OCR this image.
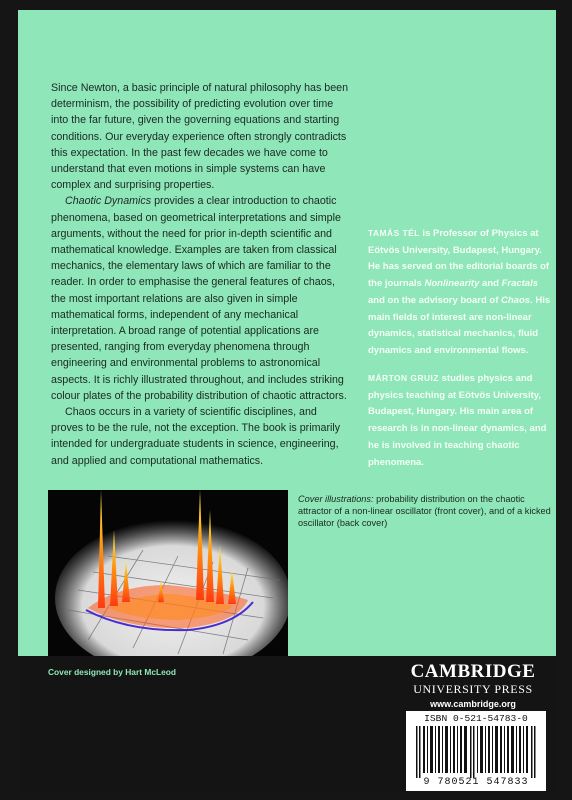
Since Newton, a basic principle of natural philosophy has been determinism, the possibility of predicting evolution over time into the far future, given the governing equations and starting conditions. Our everyday experience often strongly contradicts this expectation. In the past few decades we have come to understand that even motions in simple systems can have complex and surprising properties.

Chaotic Dynamics provides a clear introduction to chaotic phenomena, based on geometrical interpretations and simple arguments, without the need for prior in-depth scientific and mathematical knowledge. Examples are taken from classical mechanics, the elementary laws of which are familiar to the reader. In order to emphasise the general features of chaos, the most important relations are also given in simple mathematical forms, independent of any mechanical interpretation. A broad range of potential applications are presented, ranging from everyday phenomena through engineering and environmental problems to astronomical aspects. It is richly illustrated throughout, and includes striking colour plates of the probability distribution of chaotic attractors.

Chaos occurs in a variety of scientific disciplines, and proves to be the rule, not the exception. The book is primarily intended for undergraduate students in science, engineering, and applied and computational mathematics.

TAMÁS TÉL is Professor of Physics at Eötvös University, Budapest, Hungary. He has served on the editorial boards of the journals Nonlinearity and Fractals and on the advisory board of Chaos. His main fields of interest are non-linear dynamics, statistical mechanics, fluid dynamics and environmental flows.
MÁRTON GRUIZ studies physics and physics teaching at Eötvös University, Budapest, Hungary. His main area of research is in non-linear dynamics, and he is involved in teaching chaotic phenomena.
Cover illustrations: probability distribution on the chaotic attractor of a non-linear oscillator (front cover), and of a kicked oscillator (back cover)
Cover designed by Hart McLeod	CAMBRIDGE
UNIVERSITY PRESS
www.cambridge.org
ISBN 0-521-54783-0
9 780521 547833
